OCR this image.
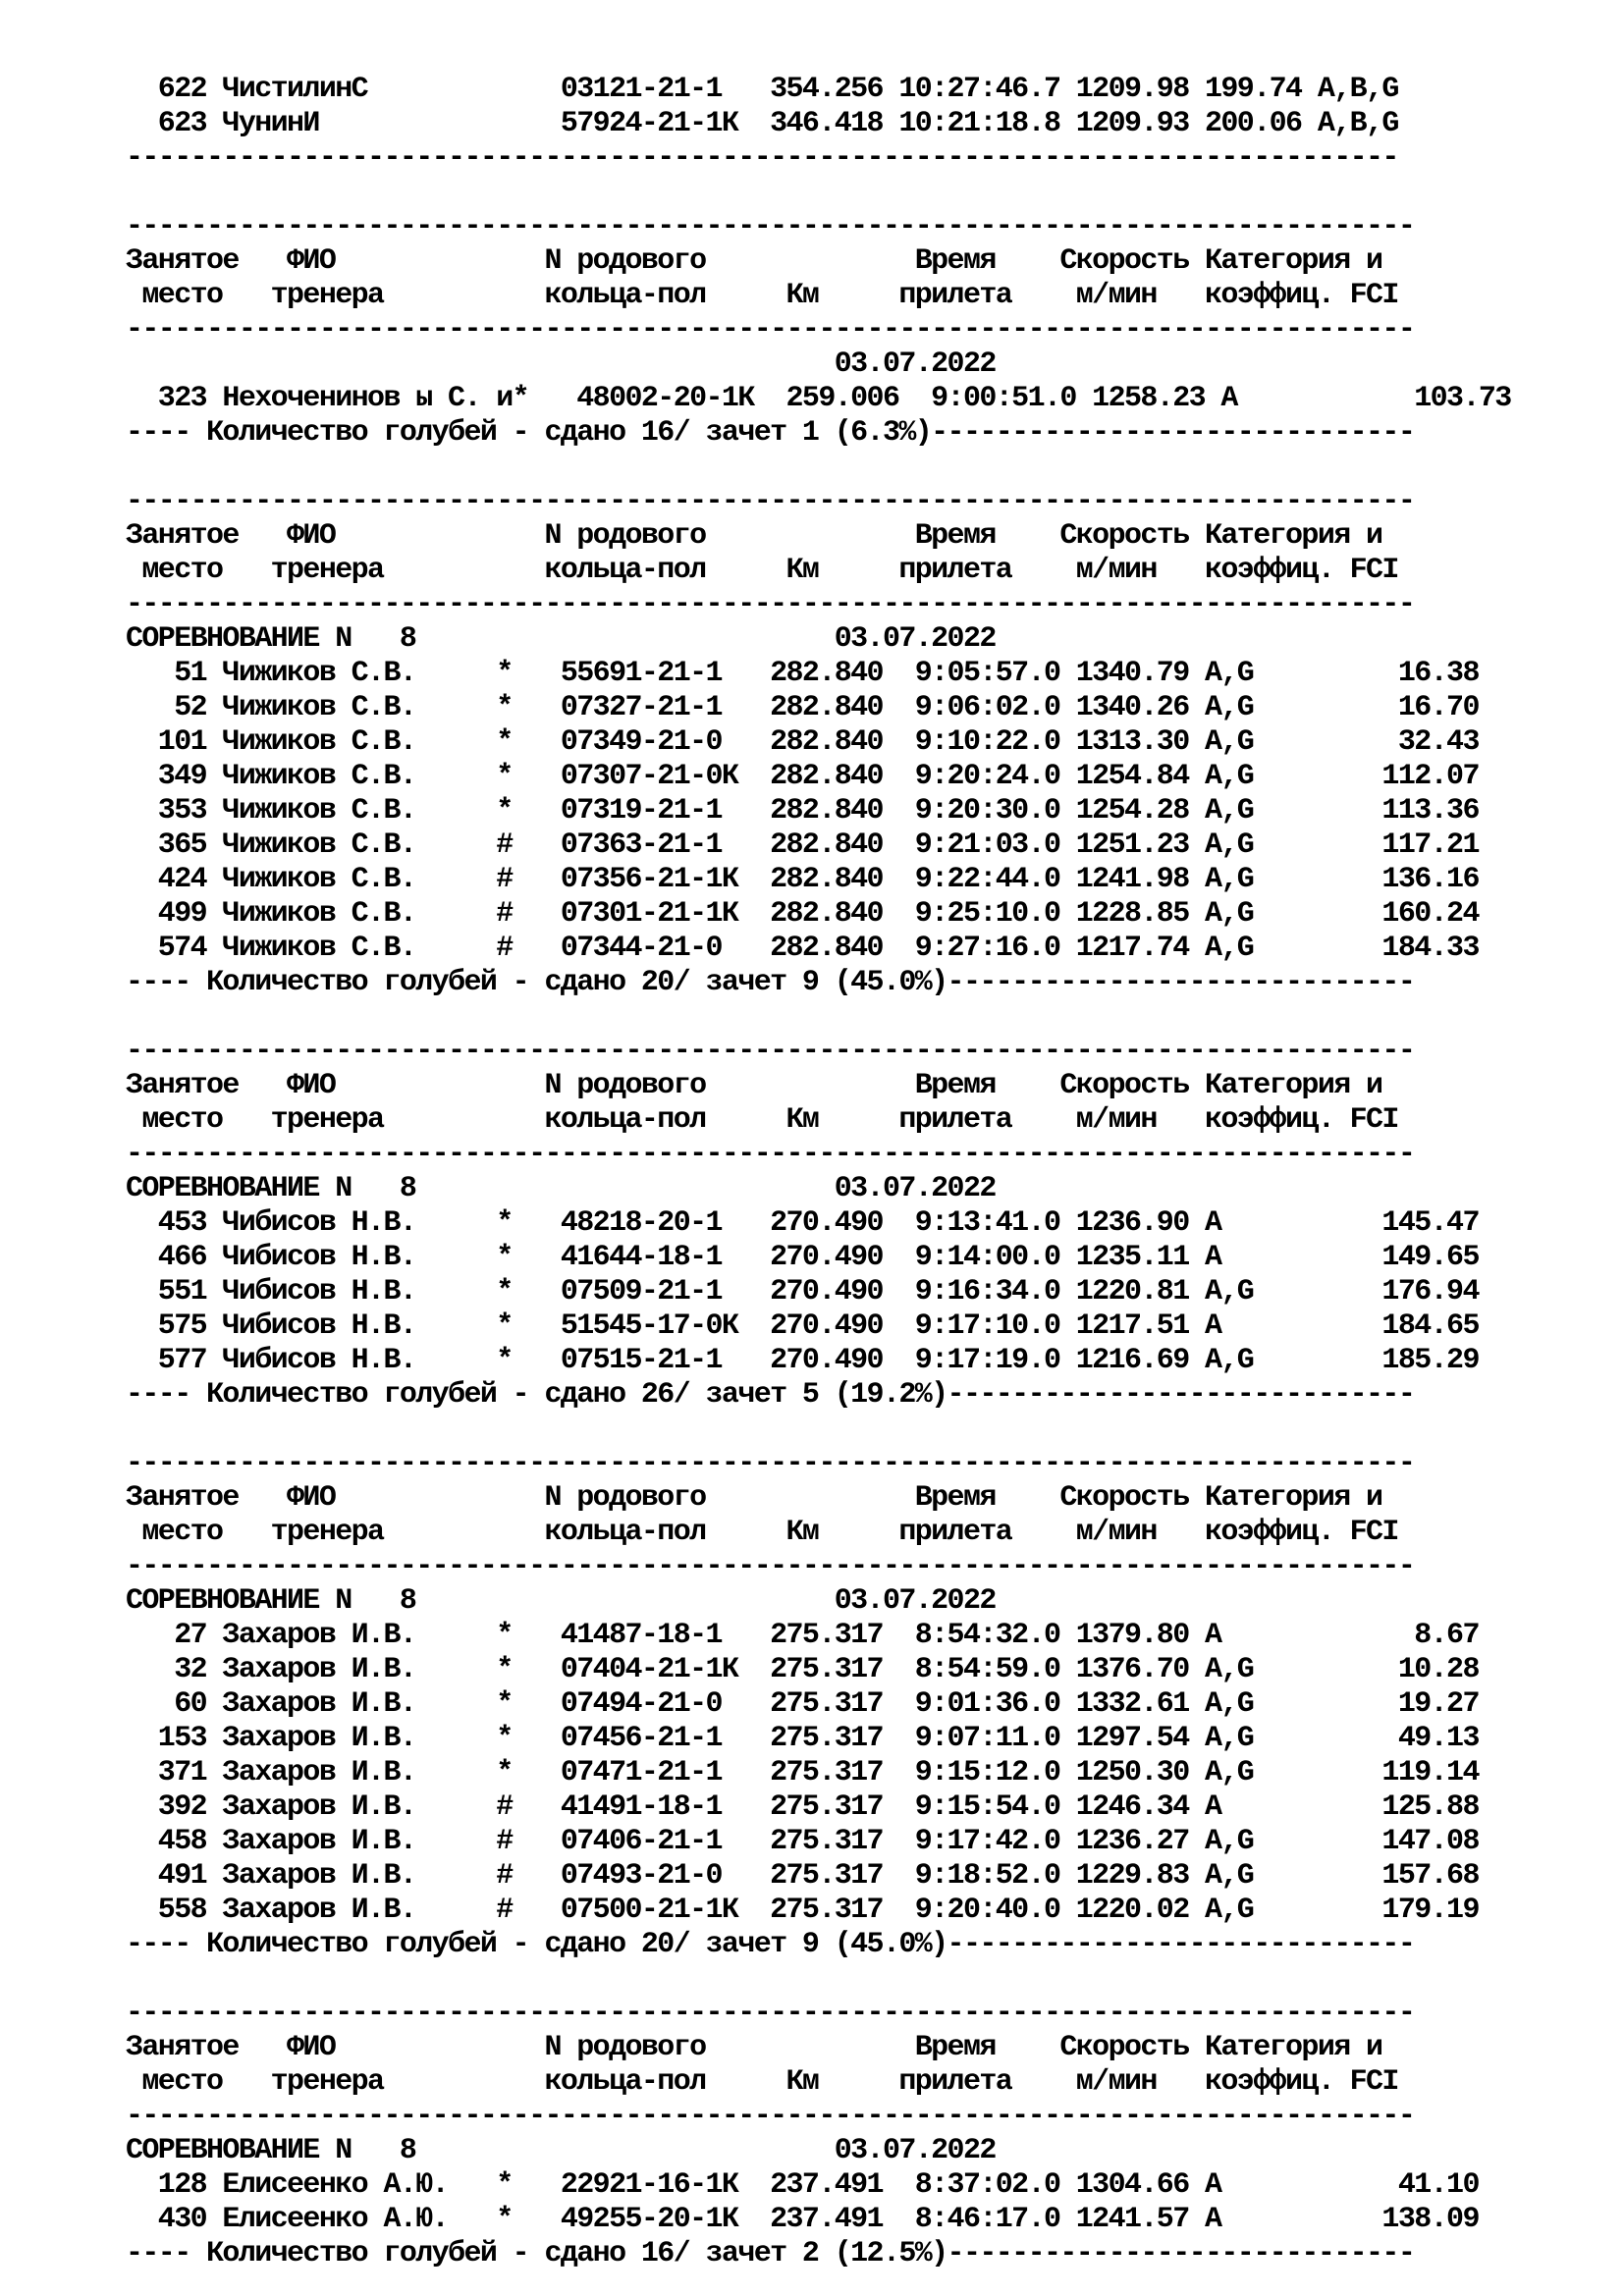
622 ЧистилинС            03121-21-1   354.256 10:27:46.7 1209.98 199.74 A,B,G
623 ЧунинИ               57924-21-1К  346.418 10:21:18.8 1209.93 200.06 A,B,G
-------------------------------------------------------------------------------
--------------------------------------------------------------------------------
Занятое   ФИО             N родового             Время    Скорость Категория и
место   тренера          кольца-пол     Км     прилета    м/мин   коэффиц. FCI
--------------------------------------------------------------------------------
03.07.2022
323 Нехоченинов ы С. и*   48002-20-1К  259.006  9:00:51.0 1258.23 A           103.73
---- Количество голубей - сдано 16/ зачет 1 (6.3%)------------------------------
--------------------------------------------------------------------------------
Занятое   ФИО             N родового             Время    Скорость Категория и
место   тренера          кольца-пол     Км     прилета    м/мин   коэффиц. FCI
--------------------------------------------------------------------------------
СОРЕВНОВАНИЕ N   8                          03.07.2022
51 Чижиков С.В.     *   55691-21-1   282.840  9:05:57.0 1340.79 A,G         16.38
52 Чижиков С.В.     *   07327-21-1   282.840  9:06:02.0 1340.26 A,G         16.70
101 Чижиков С.В.     *   07349-21-0   282.840  9:10:22.0 1313.30 A,G         32.43
349 Чижиков С.В.     *   07307-21-0К  282.840  9:20:24.0 1254.84 A,G        112.07
353 Чижиков С.В.     *   07319-21-1   282.840  9:20:30.0 1254.28 A,G        113.36
365 Чижиков С.В.     #   07363-21-1   282.840  9:21:03.0 1251.23 A,G        117.21
424 Чижиков С.В.     #   07356-21-1К  282.840  9:22:44.0 1241.98 A,G        136.16
499 Чижиков С.В.     #   07301-21-1К  282.840  9:25:10.0 1228.85 A,G        160.24
574 Чижиков С.В.     #   07344-21-0   282.840  9:27:16.0 1217.74 A,G        184.33
---- Количество голубей - сдано 20/ зачет 9 (45.0%)-----------------------------
--------------------------------------------------------------------------------
Занятое   ФИО             N родового             Время    Скорость Категория и
место   тренера          кольца-пол     Км     прилета    м/мин   коэффиц. FCI
--------------------------------------------------------------------------------
СОРЕВНОВАНИЕ N   8                          03.07.2022
453 Чибисов Н.В.     *   48218-20-1   270.490  9:13:41.0 1236.90 A          145.47
466 Чибисов Н.В.     *   41644-18-1   270.490  9:14:00.0 1235.11 A          149.65
551 Чибисов Н.В.     *   07509-21-1   270.490  9:16:34.0 1220.81 A,G        176.94
575 Чибисов Н.В.     *   51545-17-0К  270.490  9:17:10.0 1217.51 A          184.65
577 Чибисов Н.В.     *   07515-21-1   270.490  9:17:19.0 1216.69 A,G        185.29
---- Количество голубей - сдано 26/ зачет 5 (19.2%)-----------------------------
--------------------------------------------------------------------------------
Занятое   ФИО             N родового             Время    Скорость Категория и
место   тренера          кольца-пол     Км     прилета    м/мин   коэффиц. FCI
--------------------------------------------------------------------------------
СОРЕВНОВАНИЕ N   8                          03.07.2022
27 Захаров И.В.     *   41487-18-1   275.317  8:54:32.0 1379.80 A            8.67
32 Захаров И.В.     *   07404-21-1К  275.317  8:54:59.0 1376.70 A,G         10.28
60 Захаров И.В.     *   07494-21-0   275.317  9:01:36.0 1332.61 A,G         19.27
153 Захаров И.В.     *   07456-21-1   275.317  9:07:11.0 1297.54 A,G         49.13
371 Захаров И.В.     *   07471-21-1   275.317  9:15:12.0 1250.30 A,G        119.14
392 Захаров И.В.     #   41491-18-1   275.317  9:15:54.0 1246.34 A          125.88
458 Захаров И.В.     #   07406-21-1   275.317  9:17:42.0 1236.27 A,G        147.08
491 Захаров И.В.     #   07493-21-0   275.317  9:18:52.0 1229.83 A,G        157.68
558 Захаров И.В.     #   07500-21-1К  275.317  9:20:40.0 1220.02 A,G        179.19
---- Количество голубей - сдано 20/ зачет 9 (45.0%)-----------------------------
--------------------------------------------------------------------------------
Занятое   ФИО             N родового             Время    Скорость Категория и
место   тренера          кольца-пол     Км     прилета    м/мин   коэффиц. FCI
--------------------------------------------------------------------------------
СОРЕВНОВАНИЕ N   8                          03.07.2022
128 Елисеенко А.Ю.   *   22921-16-1К  237.491  8:37:02.0 1304.66 A           41.10
430 Елисеенко А.Ю.   *   49255-20-1К  237.491  8:46:17.0 1241.57 A          138.09
---- Количество голубей - сдано 16/ зачет 2 (12.5%)-----------------------------
